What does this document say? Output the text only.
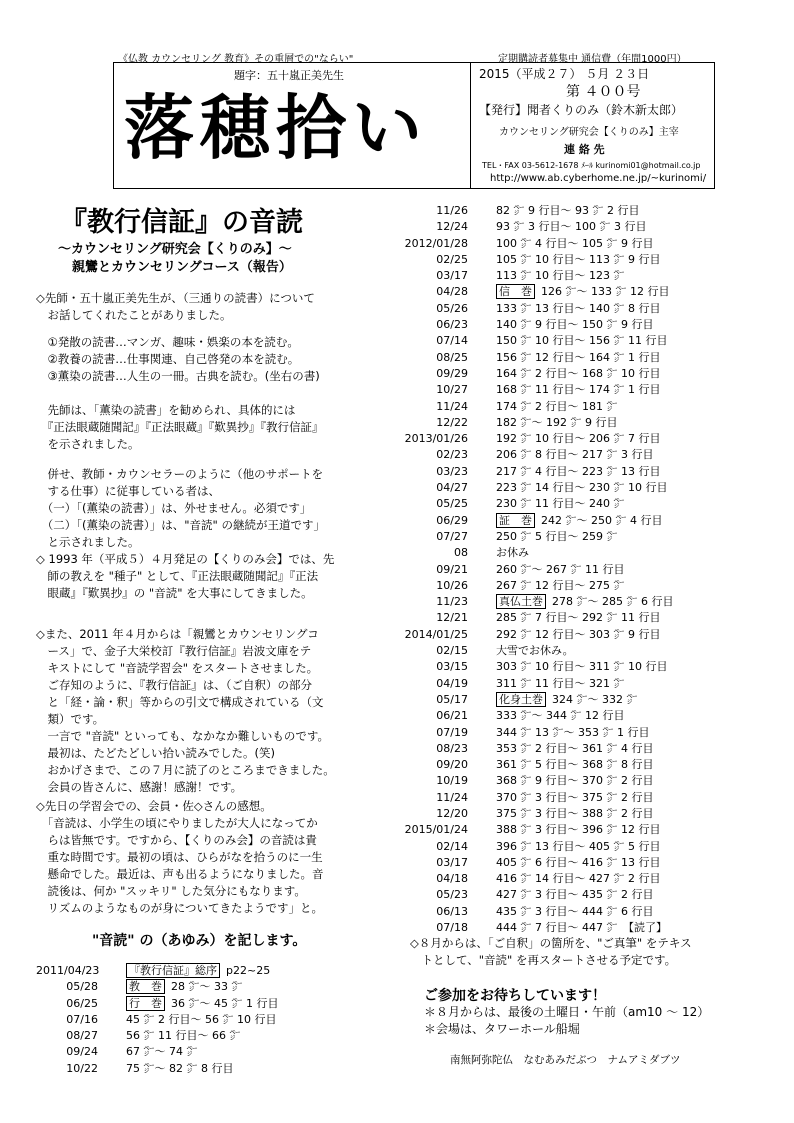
《仏教 カウンセリング 教育》その重層での"ならい"	定期購読者募集中 通信費（年間1000円）
題字：五十嵐正美先生
落穂拾い
2015（平成２７） ５月 ２３日
第 ４００号
【発行】聞者くりのみ（鈴木新太郎）
カウンセリング研究会【くりのみ】主宰
連 絡 先
TEL・FAX 03-5612-1678 ﾒｰﾙ kurinomi01@hotmail.co.jp
http://www.ab.cyberhome.ne.jp/~kurinomi/
『教行信証』の音読
～カウンセリング研究会【くりのみ】～
親鸞とカウンセリングコース（報告）
◇先師・五十嵐正美先生が、（三通りの読書）について
　お話してくれたことがありました。
　①発散の読書…マンガ、趣味・娯楽の本を読む。
　②教養の読書…仕事関連、自己啓発の本を読む。
　③薫染の読書…人生の一冊。古典を読む。(坐右の書)
　先師は、「薫染の読書」を勧められ、具体的には
　『正法眼蔵随聞記』『正法眼蔵』『歎異抄』『教行信証』
　を示されました。
　併せ、教師・カウンセラーのように（他のサポートを
　する仕事）に従事している者は、
　（一）「(薫染の読書）」は、外せません。必須です」
　（二）「(薫染の読書）」は、"音読" の継続が王道です」
　と示されました。
◇ 1993 年（平成５）４月発足の【くりのみ会】では、先
　師の教えを "種子" として、『正法眼蔵随聞記』『正法
　眼蔵』『歎異抄』の "音読" を大事にしてきました。
◇また、2011 年４月からは「親鸞とカウンセリングコ
　ース」で、金子大栄校訂『教行信証』岩波文庫をテ
　キストにして "音読学習会" をスタートさせました。
　ご存知のように、『教行信証』は、（ご自釈）の部分
　と「経・論・釈」等からの引文で構成されている（文
　類）です。
　一言で "音読" といっても、なかなか難しいものです。
　最初は、たどたどしい拾い読みでした。(笑)
　おかげさまで、この７月に読了のところまできました。
　会員の皆さんに、感謝！感謝！です。
◇先日の学習会での、会員・佐◇さんの感想。
　「音読は、小学生の頃にやりましたが大人になってか
　らは皆無です。ですから、【くりのみ会】の音読は貴
　重な時間です。最初の頃は、ひらがなを拾うのに一生
　懸命でした。最近は、声も出るようになりました。音
　読後は、何か "スッキリ" した気分にもなります。
　リズムのようなものが身についてきたようです」と。
"音読" の（あゆみ）を記します。
2011/04/23	『教行信証』総序 p22~25
05/28	教　巻 28 ㌻～ 33 ㌻
06/25	行　巻 36 ㌻～ 45 ㌻ 1 行目
07/16	45 ㌻ 2 行目～ 56 ㌻ 10 行目
08/27	56 ㌻ 11 行目～ 66 ㌻
09/24	67 ㌻～ 74 ㌻
10/22	75 ㌻～ 82 ㌻ 8 行目
11/26	82 ㌻ 9 行目～ 93 ㌻ 2 行目
12/24	93 ㌻ 3 行目～ 100 ㌻ 3 行目
2012/01/28	100 ㌻ 4 行目～ 105 ㌻ 9 行目
02/25	105 ㌻ 10 行目～ 113 ㌻ 9 行目
03/17	113 ㌻ 10 行目～ 123 ㌻
04/28	信　巻 126 ㌻～ 133 ㌻ 12 行目
05/26	133 ㌻ 13 行目～ 140 ㌻ 8 行目
06/23	140 ㌻ 9 行目～ 150 ㌻ 9 行目
07/14	150 ㌻ 10 行目～ 156 ㌻ 11 行目
08/25	156 ㌻ 12 行目～ 164 ㌻ 1 行目
09/29	164 ㌻ 2 行目～ 168 ㌻ 10 行目
10/27	168 ㌻ 11 行目～ 174 ㌻ 1 行目
11/24	174 ㌻ 2 行目～ 181 ㌻
12/22	182 ㌻～ 192 ㌻ 9 行目
2013/01/26	192 ㌻ 10 行目～ 206 ㌻ 7 行目
02/23	206 ㌻ 8 行目～ 217 ㌻ 3 行目
03/23	217 ㌻ 4 行目～ 223 ㌻ 13 行目
04/27	223 ㌻ 14 行目～ 230 ㌻ 10 行目
05/25	230 ㌻ 11 行目～ 240 ㌻
06/29	証　巻 242 ㌻～ 250 ㌻ 4 行目
07/27	250 ㌻ 5 行目～ 259 ㌻
08	お休み
09/21	260 ㌻～ 267 ㌻ 11 行目
10/26	267 ㌻ 12 行目～ 275 ㌻
11/23	真仏土巻 278 ㌻～ 285 ㌻ 6 行目
12/21	285 ㌻ 7 行目～ 292 ㌻ 11 行目
2014/01/25	292 ㌻ 12 行目～ 303 ㌻ 9 行目
02/15	大雪でお休み。
03/15	303 ㌻ 10 行目～ 311 ㌻ 10 行目
04/19	311 ㌻ 11 行目～ 321 ㌻
05/17	化身土巻 324 ㌻～ 332 ㌻
06/21	333 ㌻～ 344 ㌻ 12 行目
07/19	344 ㌻ 13 ㌻～ 353 ㌻ 1 行目
08/23	353 ㌻ 2 行目～ 361 ㌻ 4 行目
09/20	361 ㌻ 5 行目～ 368 ㌻ 8 行目
10/19	368 ㌻ 9 行目～ 370 ㌻ 2 行目
11/24	370 ㌻ 3 行目～ 375 ㌻ 2 行目
12/20	375 ㌻ 3 行目～ 388 ㌻ 2 行目
2015/01/24	388 ㌻ 3 行目～ 396 ㌻ 12 行目
02/14	396 ㌻ 13 行目～ 405 ㌻ 5 行目
03/17	405 ㌻ 6 行目～ 416 ㌻ 13 行目
04/18	416 ㌻ 14 行目～ 427 ㌻ 2 行目
05/23	427 ㌻ 3 行目～ 435 ㌻ 2 行目
06/13	435 ㌻ 3 行目～ 444 ㌻ 6 行目
07/18	444 ㌻ 7 行目～ 447 ㌻　【読了】
◇８月からは、「ご自釈」の箇所を、"ご真筆" をテキス
　トとして、"音読" を再スタートさせる予定です。
ご参加をお待ちしています！
＊８月からは、最後の土曜日・午前（am10 ～ 12）
＊会場は、タワーホール船堀
南無阿弥陀仏　なむあみだぶつ　ナムアミダブツ
